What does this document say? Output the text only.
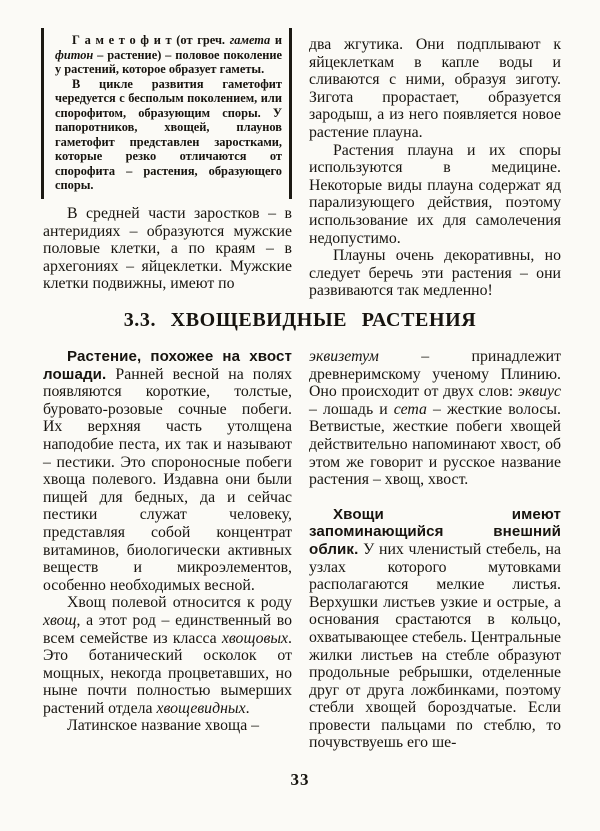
Г а м е т о ф и т (от греч. гамета и фитон – растение) – половое поколение у растений, которое образует гаметы.

В цикле развития гаметофит чередуется с бесполым поколением, или спорофитом, образующим споры. У папоротников, хвощей, плаунов гаметофит представлен заростками, которые резко отличаются от спорофита – растения, образующего споры.

В средней части заростков – в антеридиях – образуются мужские половые клетки, а по краям – в архегониях – яйцеклетки. Мужские клетки подвижны, имеют по

два жгутика. Они подплывают к яйцеклеткам в капле воды и сливаются с ними, образуя зиготу. Зигота прорастает, образуется зародыш, а из него появляется новое растение плауна.

Растения плауна и их споры используются в медицине. Некоторые виды плауна содержат яд парализующего действия, поэтому использование их для самолечения недопустимо.

Плауны очень декоративны, но следует беречь эти растения – они развиваются так медленно!

3.3. ХВОЩЕВИДНЫЕ РАСТЕНИЯ

Растение, похожее на хвост лошади. Ранней весной на полях появляются короткие, толстые, буровато-розовые сочные побеги. Их верхняя часть утолщена наподобие песта, их так и называют – пестики. Это спороносные побеги хвоща полевого. Издавна они были пищей для бедных, да и сейчас пестики служат человеку, представляя собой концентрат витаминов, биологически активных веществ и микроэлементов, особенно необходимых весной.

Хвощ полевой относится к роду хвощ, а этот род – единственный во всем семействе из класса хвощовых. Это ботанический осколок от мощных, некогда процветавших, но ныне почти полностью вымерших растений отдела хвощевидных.

Латинское название хвоща –

эквизетум – принадлежит древнеримскому ученому Плинию. Оно происходит от двух слов: эквиус – лошадь и сета – жесткие волосы. Ветвистые, жесткие побеги хвощей действительно напоминают хвост, об этом же говорит и русское название растения – хвощ, хвост.

Хвощи имеют запоминающийся внешний облик. У них членистый стебель, на узлах которого мутовками располагаются мелкие листья. Верхушки листьев узкие и острые, а основания срастаются в кольцо, охватывающее стебель. Центральные жилки листьев на стебле образуют продольные ребрышки, отделенные друг от друга ложбинками, поэтому стебли хвощей бороздчатые. Если провести пальцами по стеблю, то почувствуешь его ше-

33
